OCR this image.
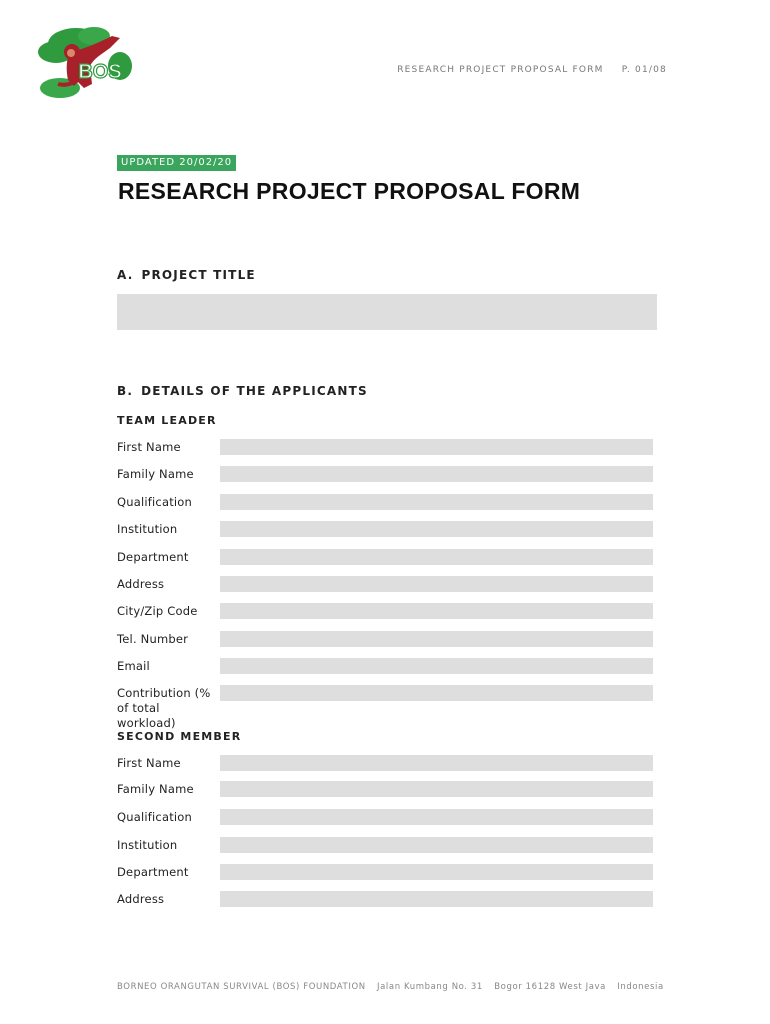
BOS	RESEARCH PROJECT PROPOSAL FORM P. 01/08
UPDATED 20/02/20
RESEARCH PROJECT PROPOSAL FORM
A. PROJECT TITLE
B. DETAILS OF THE APPLICANTS
TEAM LEADER
First Name
Family Name
Qualification
Institution
Department
Address
City/Zip Code
Tel. Number
Email
Contribution (% of total workload)
SECOND MEMBER
First Name
Family Name
Qualification
Institution
Department
Address
BORNEO ORANGUTAN SURVIVAL (BOS) FOUNDATION Jalan Kumbang No. 31 Bogor 16128 West Java Indonesia
